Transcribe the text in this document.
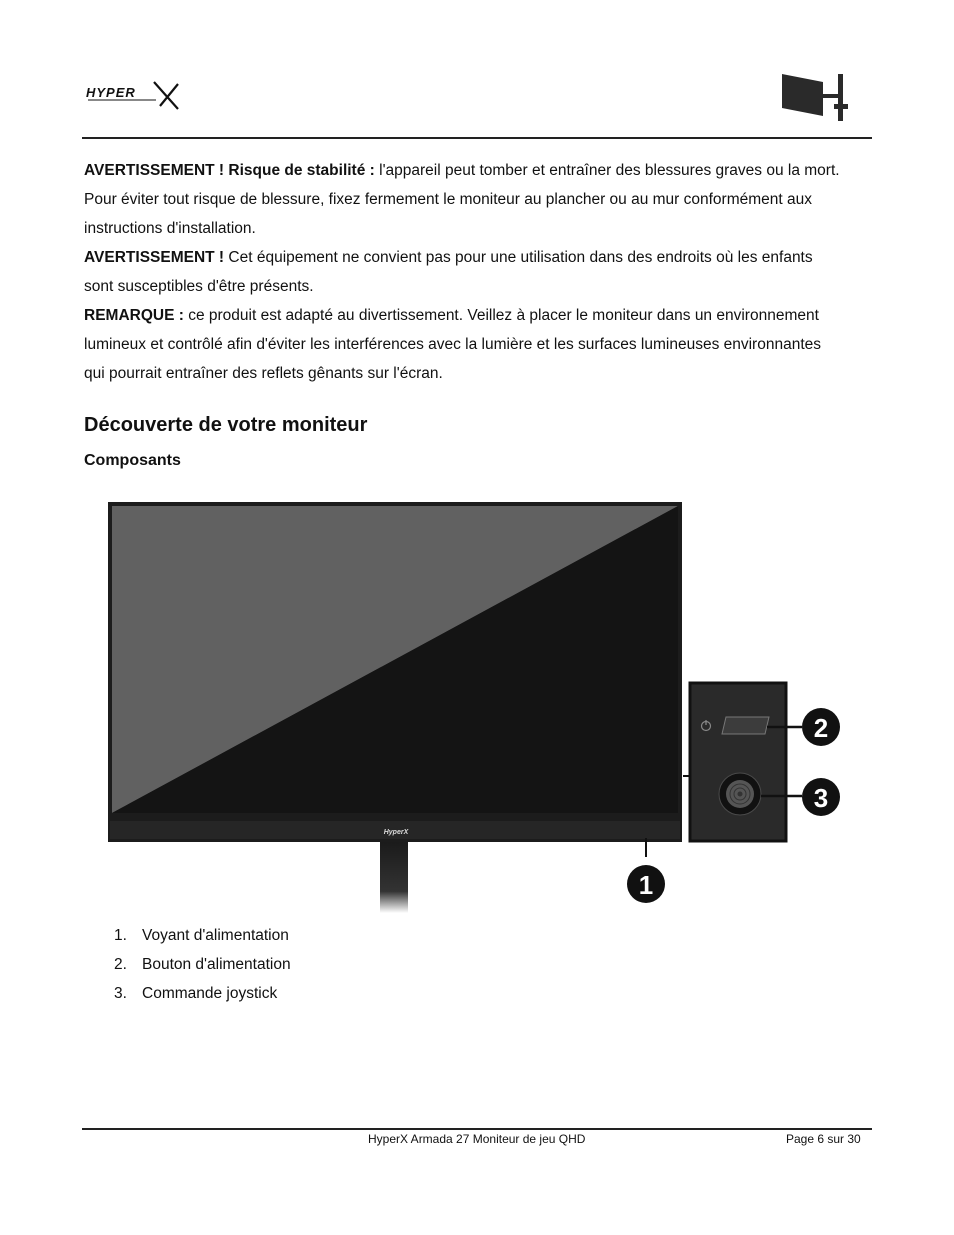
HYPER
AVERTISSEMENT ! Risque de stabilité : l'appareil peut tomber et entraîner des blessures graves ou la mort. Pour éviter tout risque de blessure, fixez fermement le moniteur au plancher ou au mur conformément aux instructions d'installation.
AVERTISSEMENT ! Cet équipement ne convient pas pour une utilisation dans des endroits où les enfants sont susceptibles d'être présents.
REMARQUE : ce produit est adapté au divertissement. Veillez à placer le moniteur dans un environnement lumineux et contrôlé afin d'éviter les interférences avec la lumière et les surfaces lumineuses environnantes qui pourrait entraîner des reflets gênants sur l'écran.
Découverte de votre moniteur
Composants
HyperX
1
2
3
1. Voyant d'alimentation
2. Bouton d'alimentation
3. Commande joystick
HyperX Armada 27 Moniteur de jeu QHD	Page 6 sur 30
